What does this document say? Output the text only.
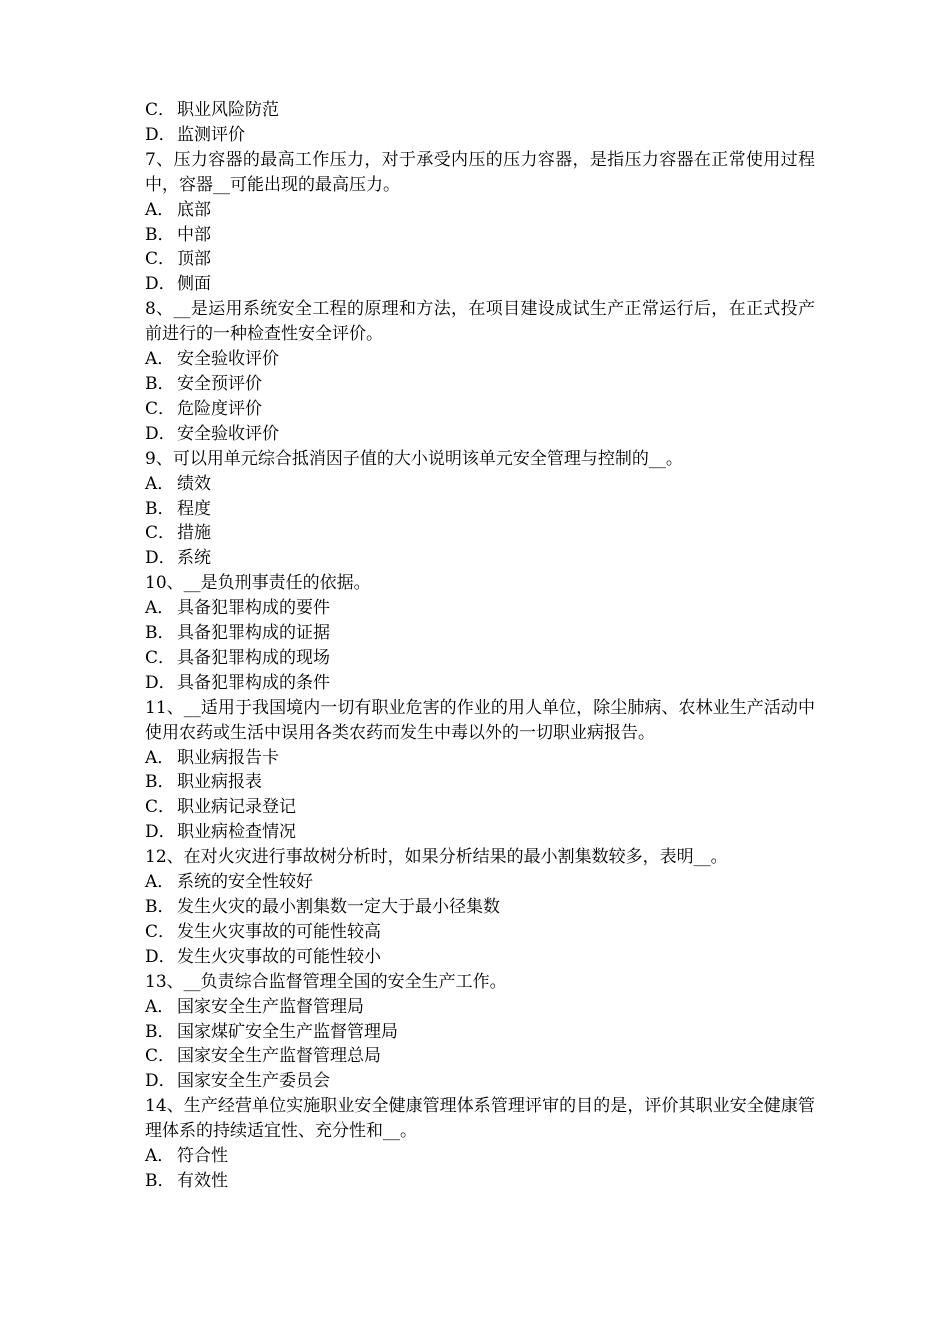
C． 职业风险防范
D．监测评价
7、压力容器的最高工作压力，对于承受内压的压力容器，是指压力容器在正常使用过程中，容器__可能出现的最高压力。
A． 底部
B． 中部
C． 顶部
D．侧面
8、__是运用系统安全工程的原理和方法，在项目建设成试生产正常运行后，在正式投产前进行的一种检查性安全评价。
A． 安全验收评价
B． 安全预评价
C． 危险度评价
D．安全验收评价
9、可以用单元综合抵消因子值的大小说明该单元安全管理与控制的__。
A． 绩效
B． 程度
C． 措施
D．系统
10、__是负刑事责任的依据。
A． 具备犯罪构成的要件
B． 具备犯罪构成的证据
C． 具备犯罪构成的现场
D．具备犯罪构成的条件
11、__适用于我国境内一切有职业危害的作业的用人单位，除尘肺病、农林业生产活动中使用农药或生活中误用各类农药而发生中毒以外的一切职业病报告。
A． 职业病报告卡
B． 职业病报表
C． 职业病记录登记
D．职业病检查情况
12、在对火灾进行事故树分析时，如果分析结果的最小割集数较多，表明__。
A． 系统的安全性较好
B． 发生火灾的最小割集数一定大于最小径集数
C． 发生火灾事故的可能性较高
D．发生火灾事故的可能性较小
13、__负责综合监督管理全国的安全生产工作。
A． 国家安全生产监督管理局
B． 国家煤矿安全生产监督管理局
C． 国家安全生产监督管理总局
D．国家安全生产委员会
14、生产经营单位实施职业安全健康管理体系管理评审的目的是，评价其职业安全健康管理体系的持续适宜性、充分性和__。
A． 符合性
B． 有效性
